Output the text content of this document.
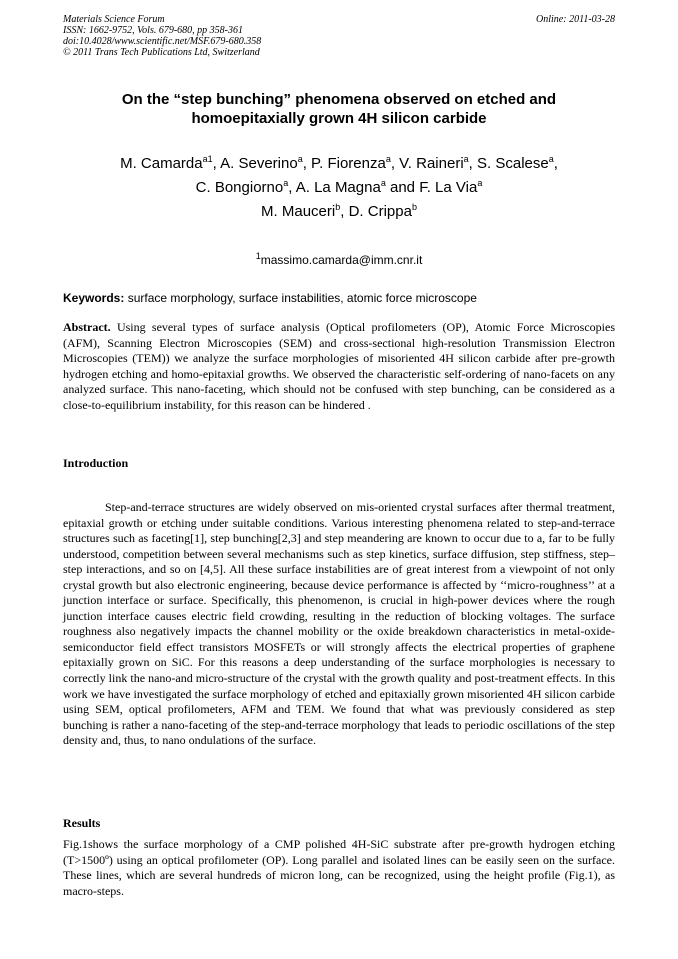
Materials Science Forum
ISSN: 1662-9752, Vols. 679-680, pp 358-361
doi:10.4028/www.scientific.net/MSF.679-680.358
© 2011 Trans Tech Publications Ltd, Switzerland
Online: 2011-03-28
On the “step bunching” phenomena observed on etched and
homoepitaxially grown 4H silicon carbide
M. Camarda$^{a1}$, A. Severino$^a$, P. Fiorenza$^a$, V. Raineri$^a$, S. Scalese$^a$,
C. Bongiorno$^a$, A. La Magna$^a$ and F. La Via$^a$
M. Mauceri$^b$, D. Crippa$^b$
$^1$massimo.camarda@imm.cnr.it
Keywords: surface morphology, surface instabilities, atomic force microscope
Abstract. Using several types of surface analysis (Optical profilometers (OP), Atomic Force Microscopies (AFM), Scanning Electron Microscopies (SEM) and cross-sectional high-resolution Transmission Electron Microscopies (TEM)) we analyze the surface morphologies of misoriented 4H silicon carbide after pre-growth hydrogen etching and homo-epitaxial growths. We observed the characteristic self-ordering of nano-facets on any analyzed surface. This nano-faceting, which should not be confused with step bunching, can be considered as a close-to-equilibrium instability, for this reason can be hindered .
Introduction
Step-and-terrace structures are widely observed on mis-oriented crystal surfaces after thermal treatment, epitaxial growth or etching under suitable conditions. Various interesting phenomena related to step-and-terrace structures such as faceting[1], step bunching[2,3] and step meandering are known to occur due to a, far to be fully understood, competition between several mechanisms such as step kinetics, surface diffusion, step stiffness, step–step interactions, and so on [4,5]. All these surface instabilities are of great interest from a viewpoint of not only crystal growth but also electronic engineering, because device performance is affected by ‘‘micro-roughness’’ at a junction interface or surface. Specifically, this phenomenon, is crucial in high-power devices where the rough junction interface causes electric field crowding, resulting in the reduction of blocking voltages. The surface roughness also negatively impacts the channel mobility or the oxide breakdown characteristics in metal-oxide-semiconductor field effect transistors MOSFETs or will strongly affects the electrical properties of graphene epitaxially grown on SiC. For this reasons a deep understanding of the surface morphologies is necessary to correctly link the nano-and micro-structure of the crystal with the growth quality and post-treatment effects. In this work we have investigated the surface morphology of etched and epitaxially grown misoriented 4H silicon carbide using SEM, optical profilometers, AFM and TEM. We found that what was previously considered as step bunching is rather a nano-faceting of the step-and-terrace morphology that leads to periodic oscillations of the step density and, thus, to nano ondulations of the surface.
Results
Fig.1shows the surface morphology of a CMP polished 4H-SiC substrate after pre-growth hydrogen etching (T>1500º) using an optical profilometer (OP). Long parallel and isolated lines can be easily seen on the surface. These lines, which are several hundreds of micron long, can be recognized, using the height profile (Fig.1), as macro-steps.
